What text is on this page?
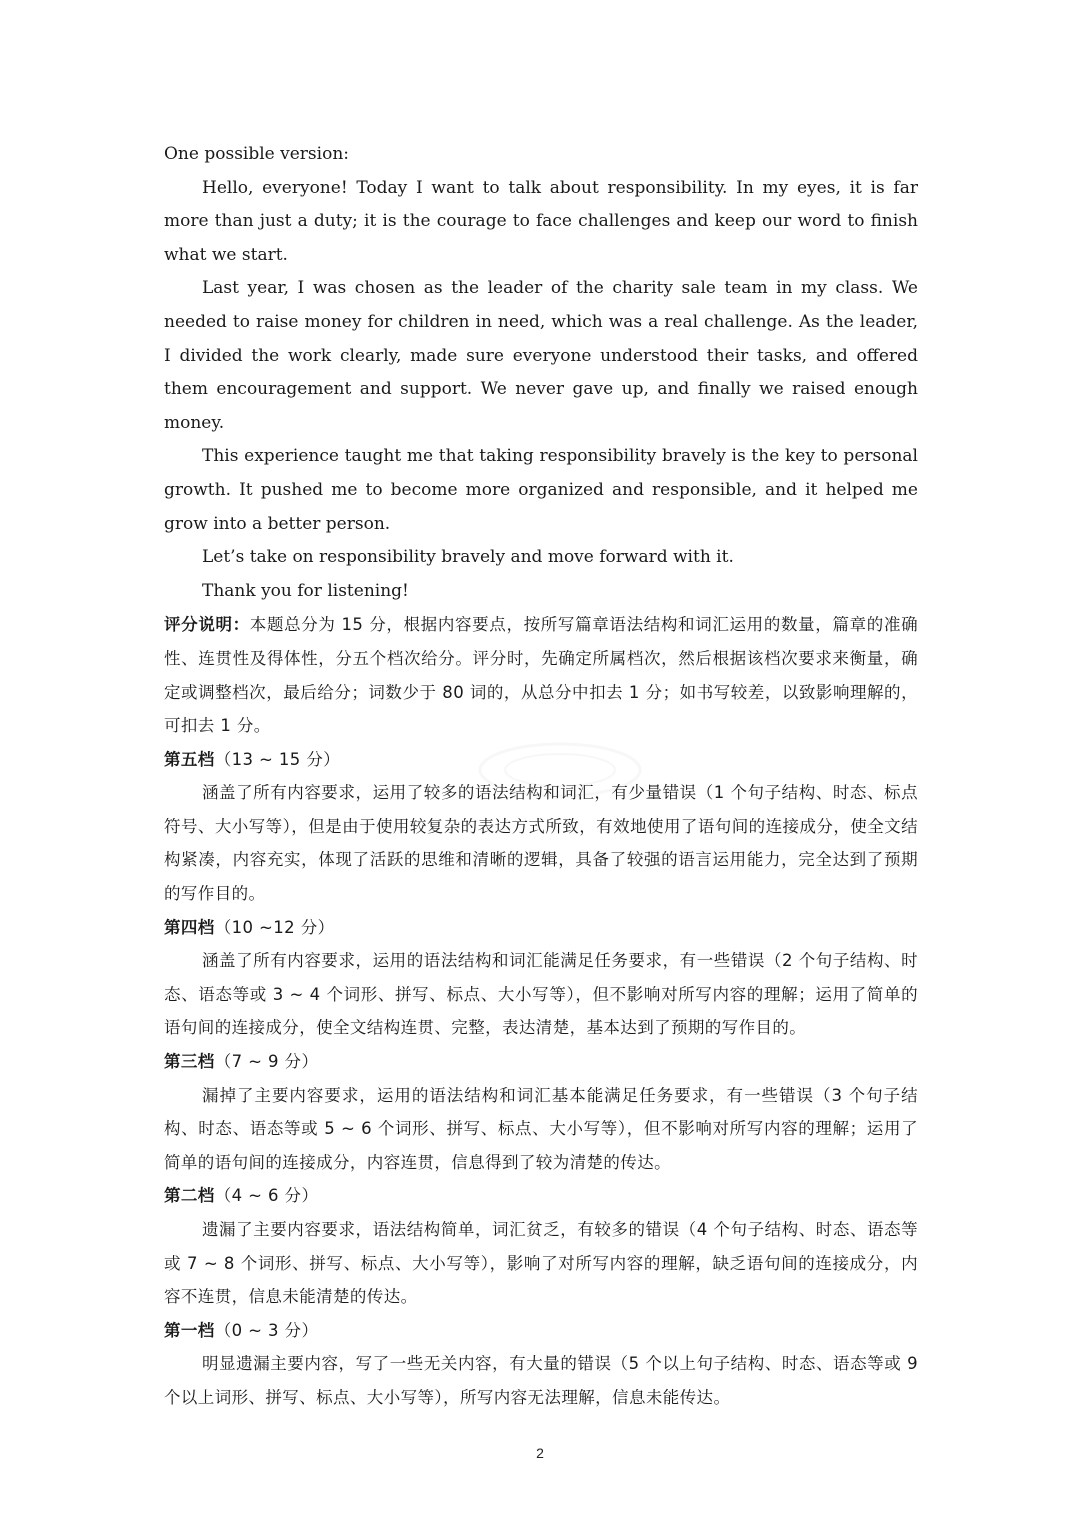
One possible version:

Hello, everyone! Today I want to talk about responsibility. In my eyes, it is far more than just a duty; it is the courage to face challenges and keep our word to finish what we start.

Last year, I was chosen as the leader of the charity sale team in my class. We needed to raise money for children in need, which was a real challenge. As the leader, I divided the work clearly, made sure everyone understood their tasks, and offered them encouragement and support. We never gave up, and finally we raised enough money.

This experience taught me that taking responsibility bravely is the key to personal growth. It pushed me to become more organized and responsible, and it helped me grow into a better person.

Let’s take on responsibility bravely and move forward with it.

Thank you for listening!

评分说明：本题总分为 15 分，根据内容要点，按所写篇章语法结构和词汇运用的数量，篇章的准确性、连贯性及得体性，分五个档次给分。评分时，先确定所属档次，然后根据该档次要求来衡量，确定或调整档次，最后给分；词数少于 80 词的，从总分中扣去 1 分；如书写较差，以致影响理解的，可扣去 1 分。

第五档（13 ~ 15 分）

涵盖了所有内容要求，运用了较多的语法结构和词汇，有少量错误（1 个句子结构、时态、标点符号、大小写等），但是由于使用较复杂的表达方式所致，有效地使用了语句间的连接成分，使全文结构紧凑，内容充实，体现了活跃的思维和清晰的逻辑，具备了较强的语言运用能力，完全达到了预期的写作目的。

第四档（10 ~12 分）

涵盖了所有内容要求，运用的语法结构和词汇能满足任务要求，有一些错误（2 个句子结构、时态、语态等或 3 ~ 4 个词形、拼写、标点、大小写等），但不影响对所写内容的理解；运用了简单的语句间的连接成分，使全文结构连贯、完整，表达清楚，基本达到了预期的写作目的。

第三档（7 ~ 9 分）

漏掉了主要内容要求，运用的语法结构和词汇基本能满足任务要求，有一些错误（3 个句子结构、时态、语态等或 5 ~ 6 个词形、拼写、标点、大小写等），但不影响对所写内容的理解；运用了简单的语句间的连接成分，内容连贯，信息得到了较为清楚的传达。

第二档（4 ~ 6 分）

遗漏了主要内容要求，语法结构简单，词汇贫乏，有较多的错误（4 个句子结构、时态、语态等或 7 ~ 8 个词形、拼写、标点、大小写等），影响了对所写内容的理解，缺乏语句间的连接成分，内容不连贯，信息未能清楚的传达。

第一档（0 ~ 3 分）

明显遗漏主要内容，写了一些无关内容，有大量的错误（5 个以上句子结构、时态、语态等或 9 个以上词形、拼写、标点、大小写等），所写内容无法理解，信息未能传达。

2
